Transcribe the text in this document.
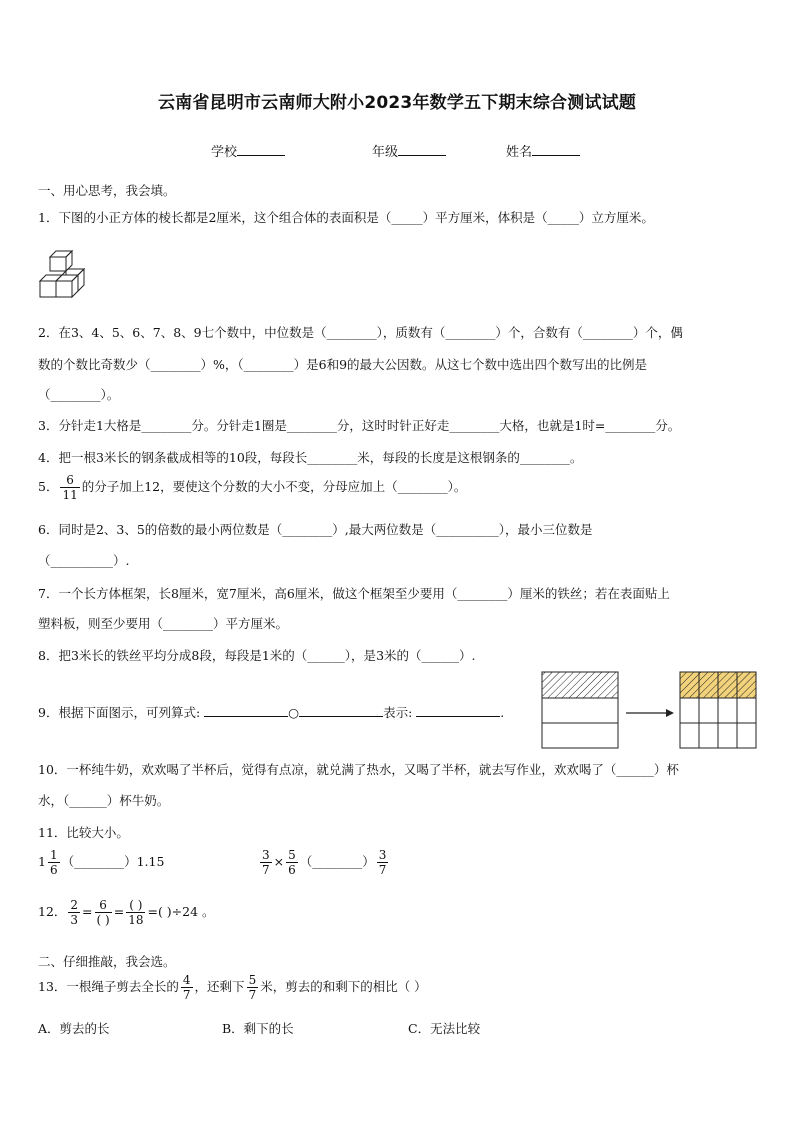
云南省昆明市云南师大附小2023年数学五下期末综合测试试题
学校	年级	姓名
一、用心思考，我会填。
1．下图的小正方体的棱长都是2厘米，这个组合体的表面积是（_____）平方厘米，体积是（_____）立方厘米。
2．在3、4、5、6、7、8、9七个数中，中位数是（________），质数有（________）个，合数有（________）个，偶
数的个数比奇数少（________）%，（________）是6和9的最大公因数。从这七个数中选出四个数写出的比例是
（________）。
3．分针走1大格是________分。分针走1圈是________分，这时时针正好走________大格，也就是1时=________分。
4．把一根3米长的钢条截成相等的10段，每段长________米，每段的长度是这根钢条的________。
5． $\frac{6}{11}$ 的分子加上12，要使这个分数的大小不变，分母应加上（________）。
6．同时是2、3、5的倍数的最小两位数是（________）,最大两位数是（__________），最小三位数是
（__________）.
7．一个长方体框架，长8厘米，宽7厘米，高6厘米，做这个框架至少要用（________）厘米的铁丝；若在表面贴上
塑料板，则至少要用（________）平方厘米。
8．把3米长的铁丝平均分成8段，每段是1米的（______），是3米的（______）.
9．根据下面图示，可列算式:	○	表示:	.
10．一杯纯牛奶，欢欢喝了半杯后，觉得有点凉，就兑满了热水，又喝了半杯，就去写作业，欢欢喝了（______）杯
水，（______）杯牛奶。
11．比较大小。
$1 \frac{1}{6}$ （________）1.15	$\frac{3}{7} \times \frac{5}{6}$ （________） $\frac{3}{7}$
12． $\frac{2}{3} = \frac{6}{( )} = \frac{( )}{18}$ =( )÷24 。
二、仔细推敲，我会选。
13．一根绳子剪去全长的 $\frac{4}{7}$ ，还剩下 $\frac{5}{7}$ 米，剪去的和剩下的相比（ ）
A．剪去的长	B．剩下的长	C．无法比较
